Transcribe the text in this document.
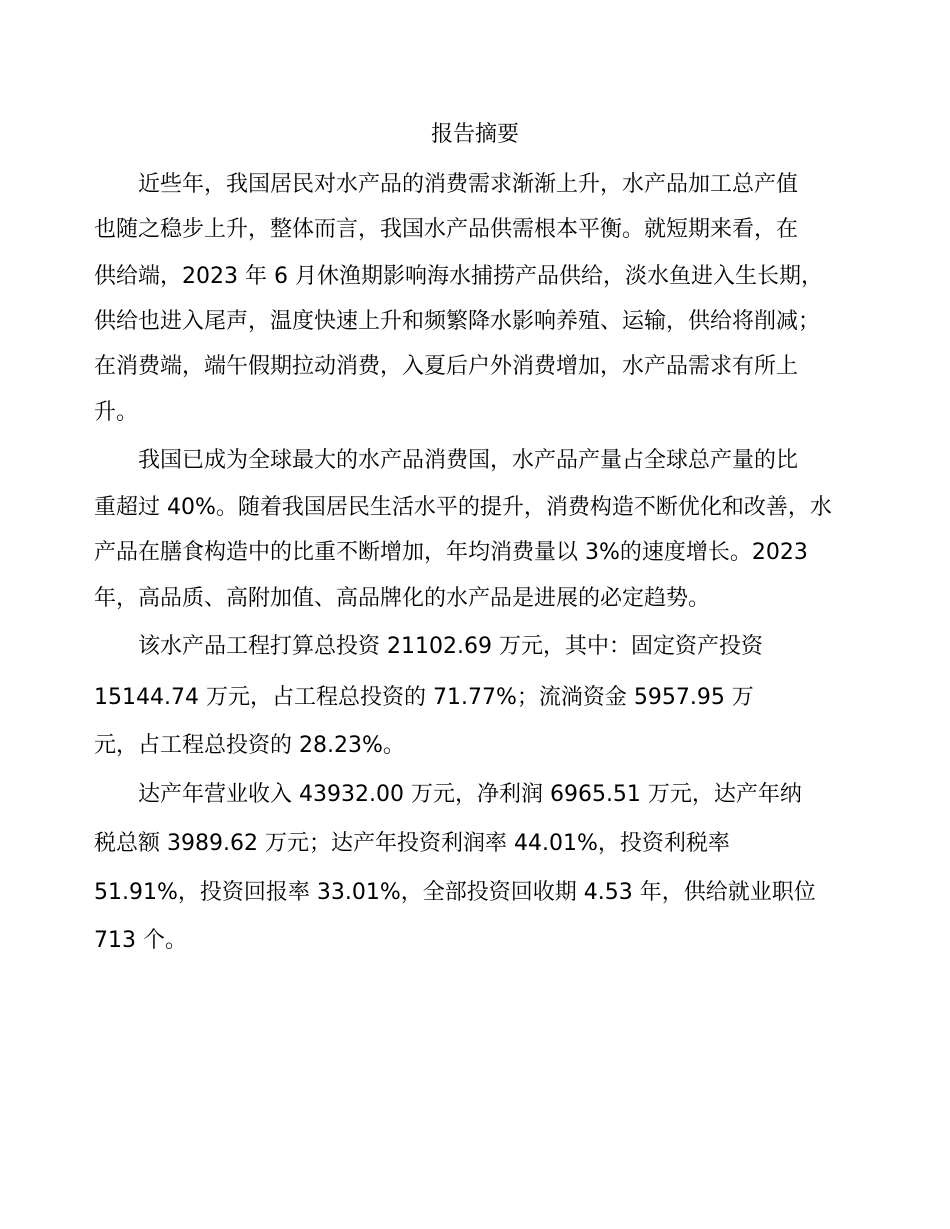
报告摘要
近些年，我国居民对水产品的消费需求渐渐上升，水产品加工总产值
也随之稳步上升，整体而言，我国水产品供需根本平衡。就短期来看，在
供给端，2023 年 6 月休渔期影响海水捕捞产品供给，淡水鱼进入生长期，
供给也进入尾声，温度快速上升和频繁降水影响养殖、运输，供给将削减；
在消费端，端午假期拉动消费，入夏后户外消费增加，水产品需求有所上
升。
我国已成为全球最大的水产品消费国，水产品产量占全球总产量的比
重超过 40%。随着我国居民生活水平的提升，消费构造不断优化和改善，水
产品在膳食构造中的比重不断增加，年均消费量以 3%的速度增长。2023
年，高品质、高附加值、高品牌化的水产品是进展的必定趋势。
该水产品工程打算总投资 21102.69 万元，其中：固定资产投资
15144.74 万元，占工程总投资的 71.77%；流淌资金 5957.95 万
元，占工程总投资的 28.23%。
达产年营业收入 43932.00 万元，净利润 6965.51 万元，达产年纳
税总额 3989.62 万元；达产年投资利润率 44.01%，投资利税率
51.91%，投资回报率 33.01%，全部投资回收期 4.53 年，供给就业职位
713 个。
